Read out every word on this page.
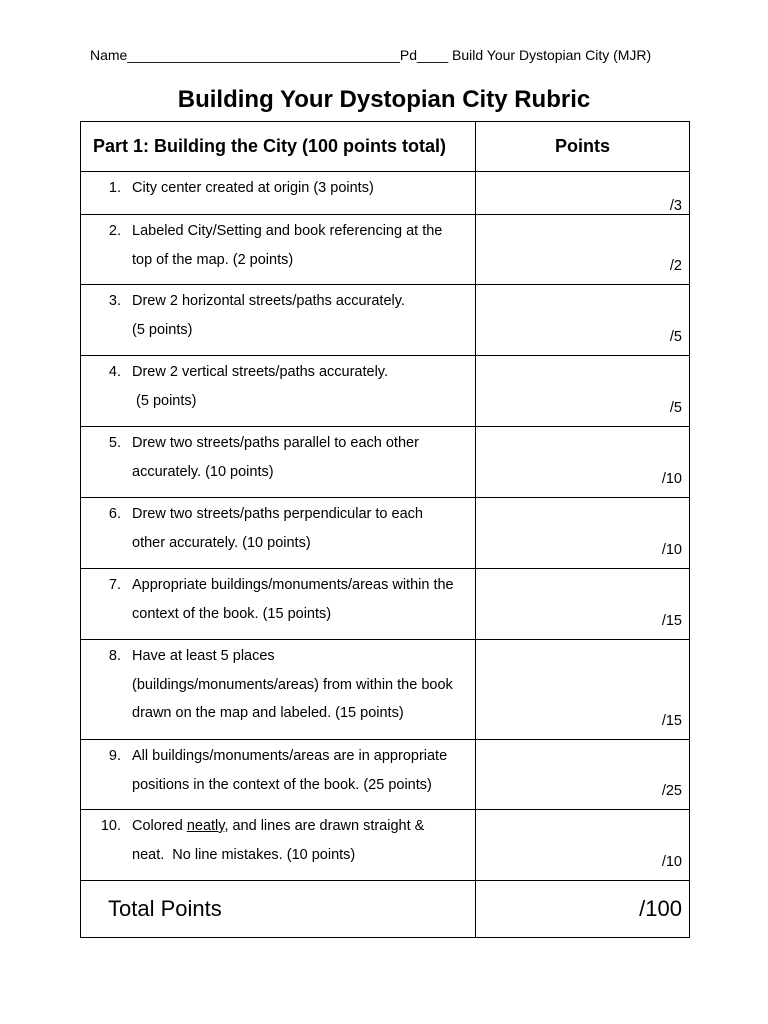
Name___________________________________Pd____ Build Your Dystopian City (MJR)
Building Your Dystopian City Rubric
Part 1: Building the City (100 points total)	Points

1. City center created at origin (3 points)	/3

2. Labeled City/Setting and book referencing at the
top of the map. (2 points)	/2

3. Drew 2 horizontal streets/paths accurately.
(5 points)	/5

4. Drew 2 vertical streets/paths accurately.
(5 points)	/5

5. Drew two streets/paths parallel to each other
accurately. (10 points)	/10

6. Drew two streets/paths perpendicular to each
other accurately. (10 points)	/10

7. Appropriate buildings/monuments/areas within the
context of the book. (15 points)	/15

8. Have at least 5 places
(buildings/monuments/areas) from within the book
drawn on the map and labeled. (15 points)	/15

9. All buildings/monuments/areas are in appropriate
positions in the context of the book. (25 points)	/25

10. Colored neatly, and lines are drawn straight &
neat.  No line mistakes. (10 points)	/10

Total Points	/100
